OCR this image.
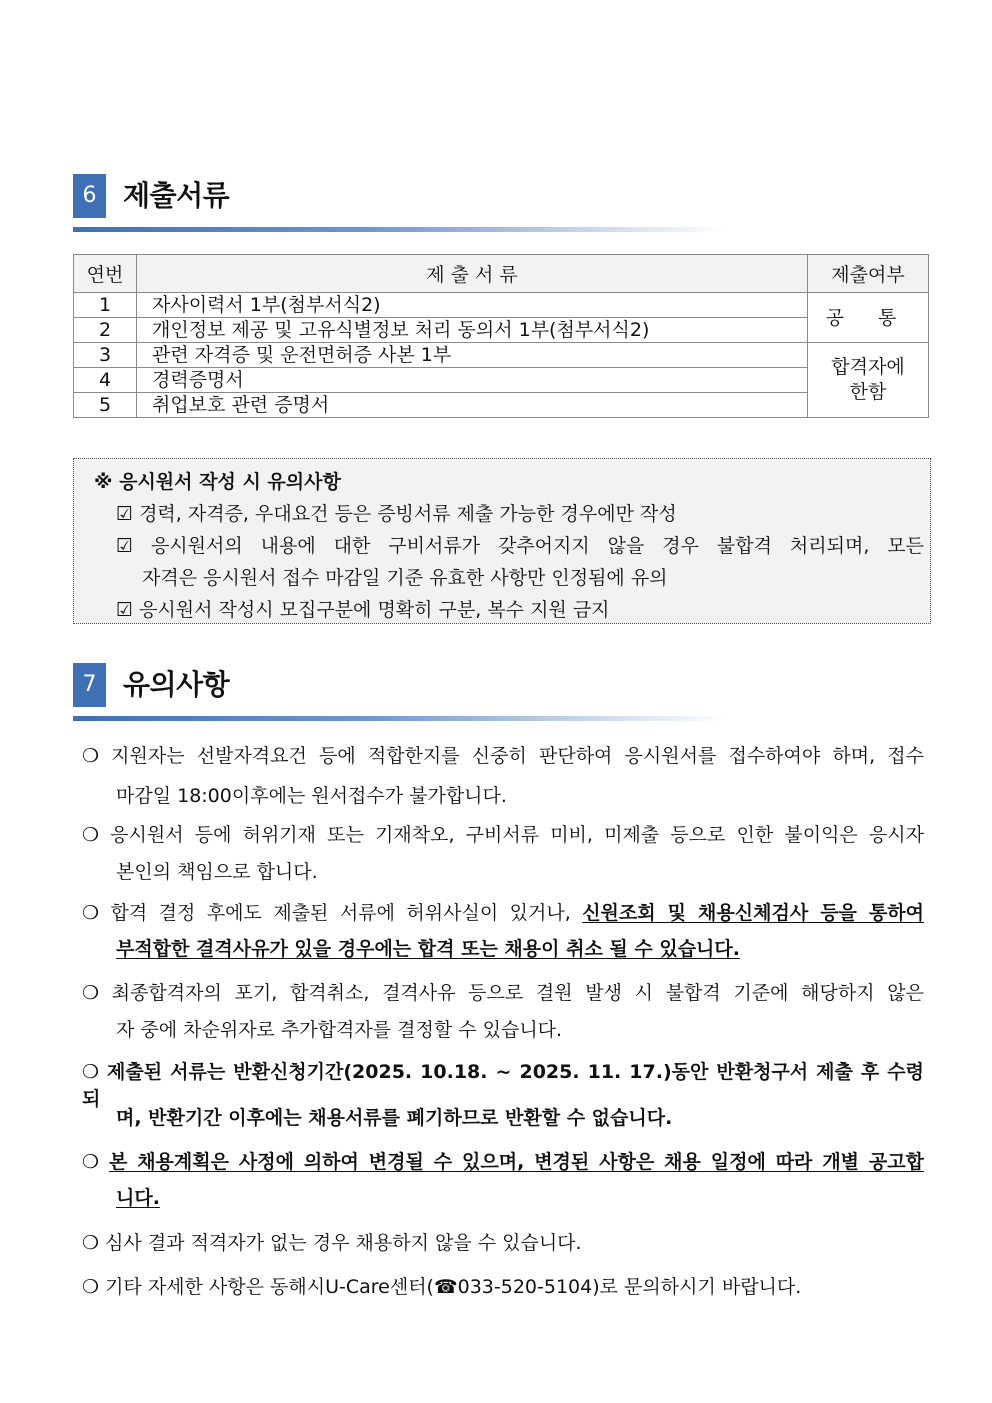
6 제출서류
연번	제 출 서 류	제출여부
1	자사이력서 1부(첨부서식2)	공 통
2	개인정보 제공 및 고유식별정보 처리 동의서 1부(첨부서식2)	
3	관련 자격증 및 운전면허증 사본 1부	합격자에
한함
4	경력증명서	
5	취업보호 관련 증명서	
※ 응시원서 작성 시 유의사항
☑ 경력, 자격증, 우대요건 등은 증빙서류 제출 가능한 경우에만 작성
☑ 응시원서의 내용에 대한 구비서류가 갖추어지지 않을 경우 불합격 처리되며, 모든
자격은 응시원서 접수 마감일 기준 유효한 사항만 인정됨에 유의
☑ 응시원서 작성시 모집구분에 명확히 구분, 복수 지원 금지
7 유의사항
❍ 지원자는 선발자격요건 등에 적합한지를 신중히 판단하여 응시원서를 접수하여야 하며, 접수
마감일 18:00이후에는 원서접수가 불가합니다.
❍ 응시원서 등에 허위기재 또는 기재착오, 구비서류 미비, 미제출 등으로 인한 불이익은 응시자
본인의 책임으로 합니다.
❍ 합격 결정 후에도 제출된 서류에 허위사실이 있거나, 신원조회 및 채용신체검사 등을 통하여
부적합한 결격사유가 있을 경우에는 합격 또는 채용이 취소 될 수 있습니다.
❍ 최종합격자의 포기, 합격취소, 결격사유 등으로 결원 발생 시 불합격 기준에 해당하지 않은
자 중에 차순위자로 추가합격자를 결정할 수 있습니다.
❍ 제출된 서류는 반환신청기간(2025. 10.18. ~ 2025. 11. 17.)동안 반환청구서 제출 후 수령되
며, 반환기간 이후에는 채용서류를 폐기하므로 반환할 수 없습니다.
❍ 본 채용계획은 사정에 의하여 변경될 수 있으며, 변경된 사항은 채용 일정에 따라 개별 공고합
니다.
❍ 심사 결과 적격자가 없는 경우 채용하지 않을 수 있습니다.
❍ 기타 자세한 사항은 동해시U-Care센터(☎033-520-5104)로 문의하시기 바랍니다.
